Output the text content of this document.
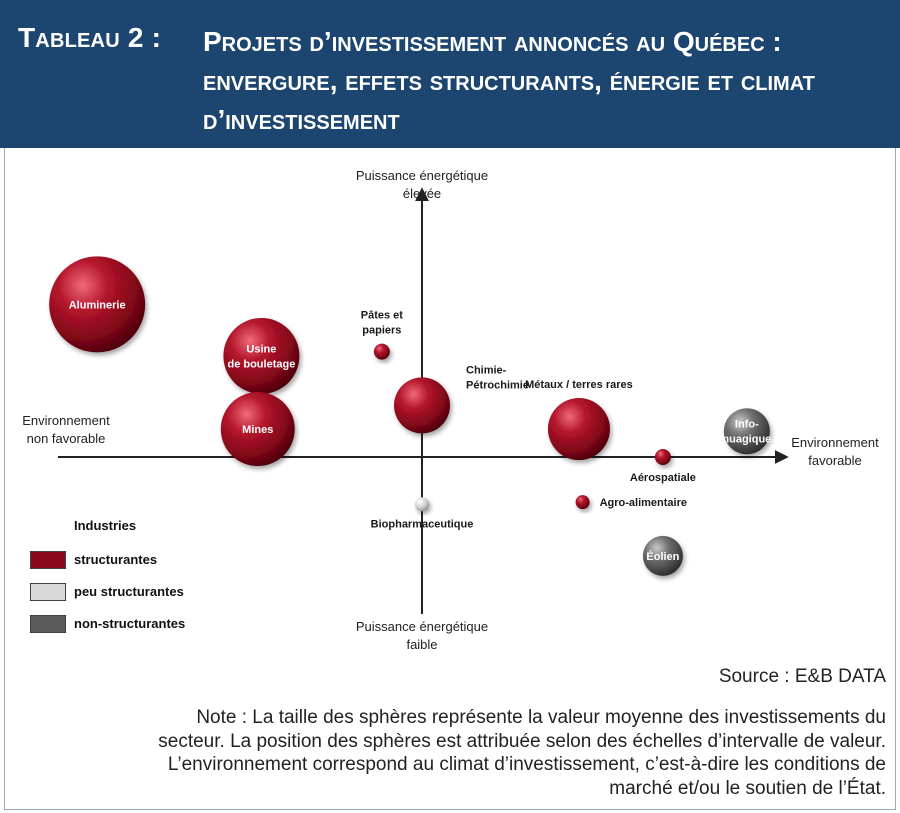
Tableau 2 : Projets d’investissement annoncés au Québec : envergure, effets structurants, énergie et climat d’investissement
Puissance énergétique élevée
Puissance énergétique faible
Environnement non favorable	Environnement favorable
Aluminerie
Usine de bouletage
Mines
Pâtes et papiers
Chimie-Pétrochimie
Métaux / terres rares
Info-nuagique
Aérospatiale
Biopharmaceutique
Agro-alimentaire
Éolien
Industries
structurantes
peu structurantes
non-structurantes
Source : E&B DATA
Note : La taille des sphères représente la valeur moyenne des investissements du secteur. La position des sphères est attribuée selon des échelles d’intervalle de valeur. L’environnement correspond au climat d’investissement, c’est-à-dire les conditions de marché et/ou le soutien de l’État.
